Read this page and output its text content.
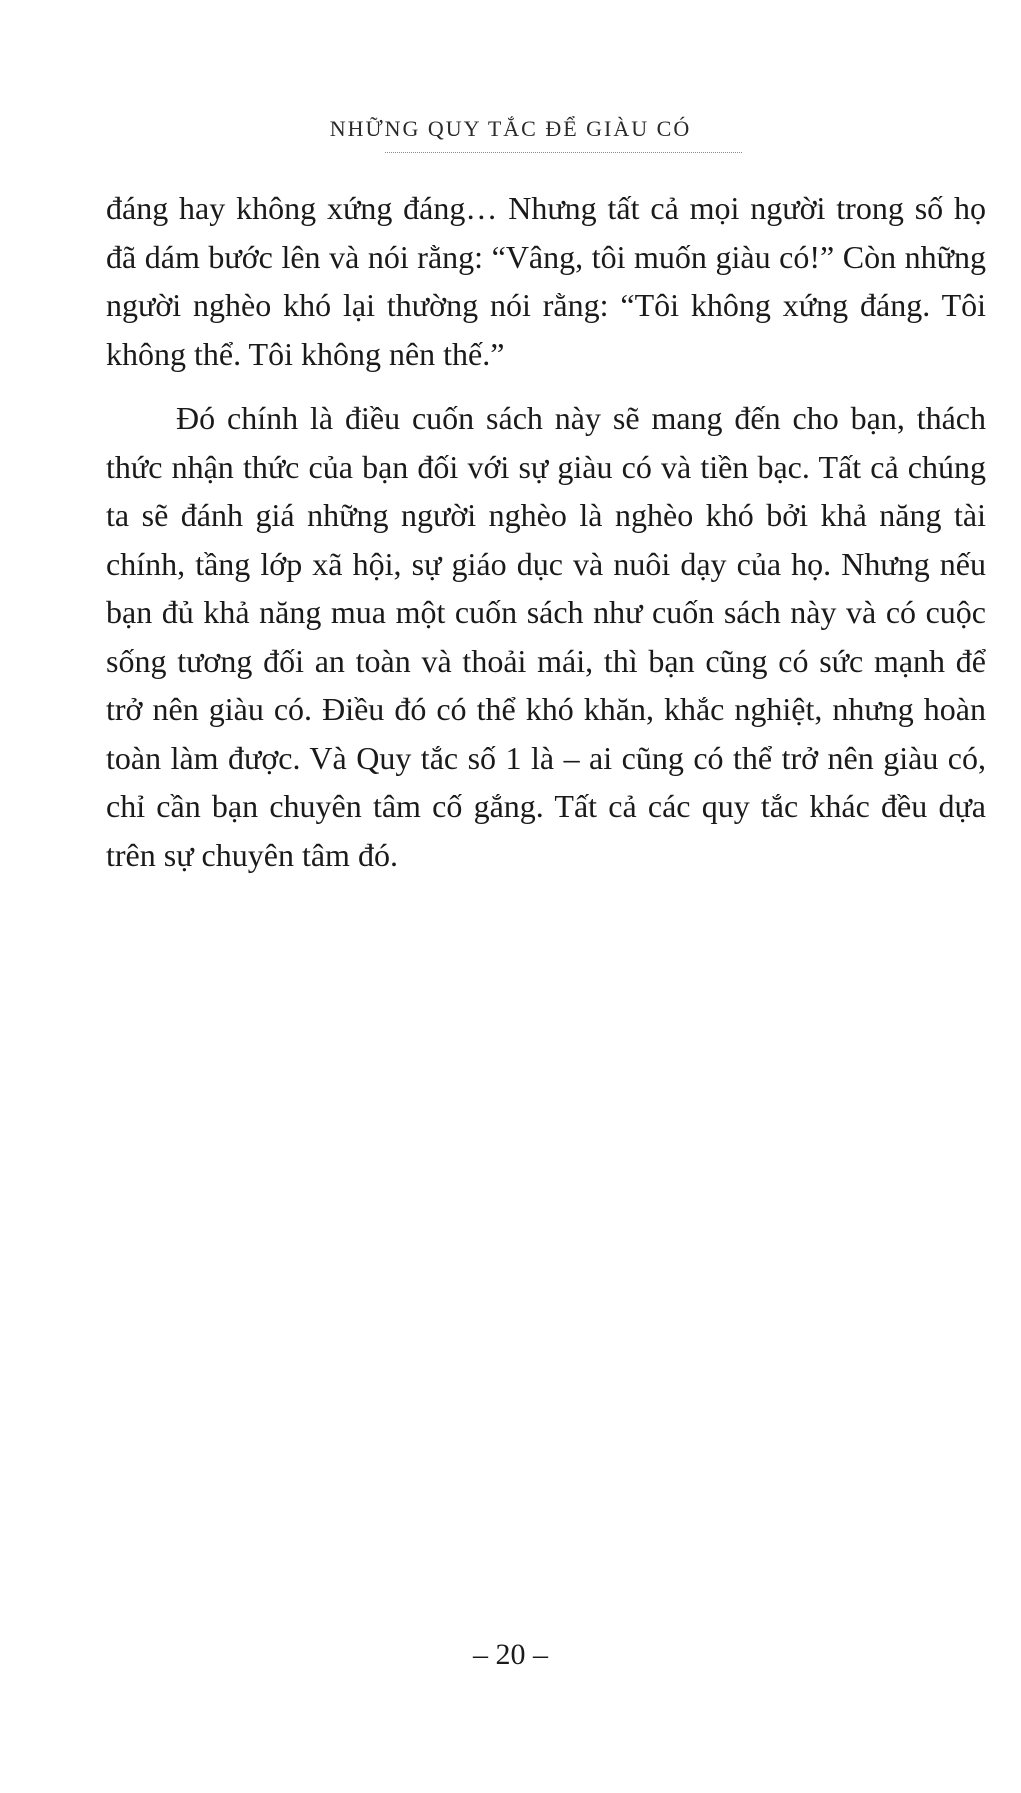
NHỮNG QUY TẮC ĐỂ GIÀU CÓ

đáng hay không xứng đáng… Nhưng tất cả mọi người trong số họ đã dám bước lên và nói rằng: “Vâng, tôi muốn giàu có!” Còn những người nghèo khó lại thường nói rằng: “Tôi không xứng đáng. Tôi không thể. Tôi không nên thế.”

Đó chính là điều cuốn sách này sẽ mang đến cho bạn, thách thức nhận thức của bạn đối với sự giàu có và tiền bạc. Tất cả chúng ta sẽ đánh giá những người nghèo là nghèo khó bởi khả năng tài chính, tầng lớp xã hội, sự giáo dục và nuôi dạy của họ. Nhưng nếu bạn đủ khả năng mua một cuốn sách như cuốn sách này và có cuộc sống tương đối an toàn và thoải mái, thì bạn cũng có sức mạnh để trở nên giàu có. Điều đó có thể khó khăn, khắc nghiệt, nhưng hoàn toàn làm được. Và Quy tắc số 1 là – ai cũng có thể trở nên giàu có, chỉ cần bạn chuyên tâm cố gắng. Tất cả các quy tắc khác đều dựa trên sự chuyên tâm đó.

– 20 –
